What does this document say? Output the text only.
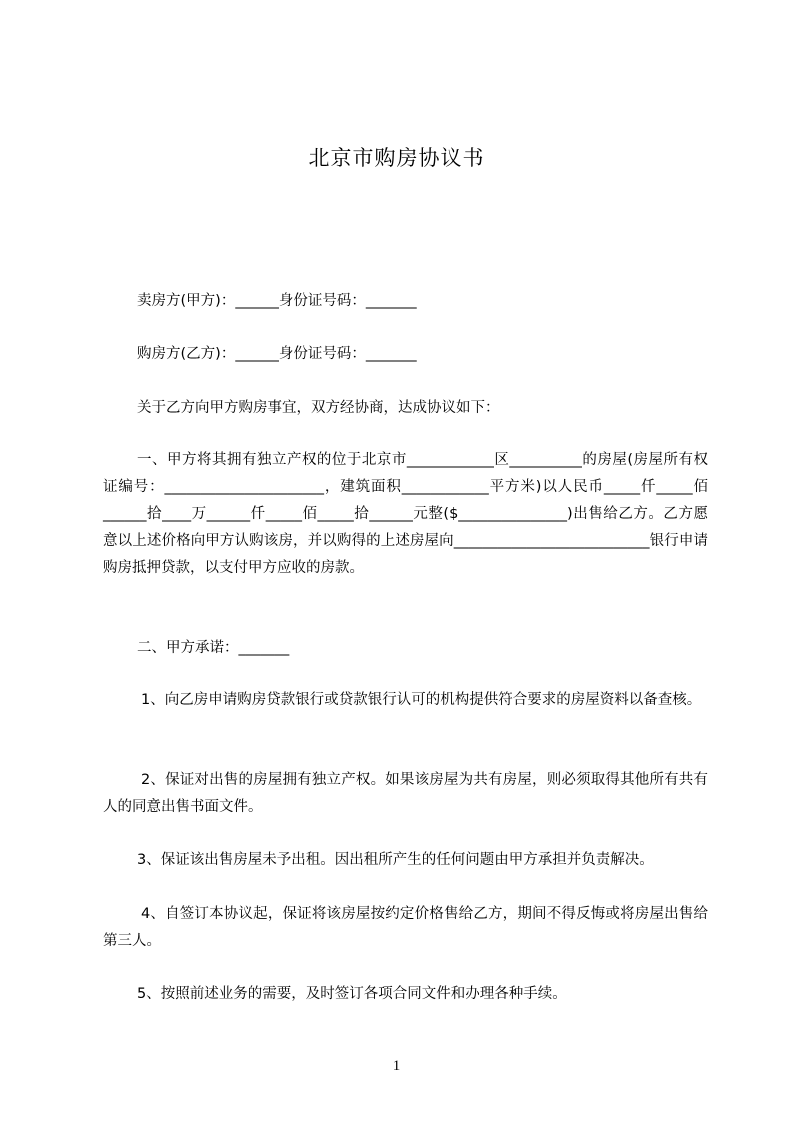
北京市购房协议书
卖房方(甲方)：______身份证号码：_______
购房方(乙方)：______身份证号码：_______
关于乙方向甲方购房事宜，双方经协商，达成协议如下：
一、甲方将其拥有独立产权的位于北京市____________区__________的房屋(房屋所有权证编号：______________________，建筑面积____________平方米)以人民币_____仟_____佰______拾____万______仟_____佰_____拾______元整($_______________)出售给乙方。乙方愿意以上述价格向甲方认购该房，并以购得的上述房屋向___________________________银行申请购房抵押贷款，以支付甲方应收的房款。
二、甲方承诺：_______
1、向乙房申请购房贷款银行或贷款银行认可的机构提供符合要求的房屋资料以备查核。
2、保证对出售的房屋拥有独立产权。如果该房屋为共有房屋，则必须取得其他所有共有人的同意出售书面文件。
3、保证该出售房屋未予出租。因出租所产生的任何问题由甲方承担并负责解决。
4、自签订本协议起，保证将该房屋按约定价格售给乙方，期间不得反悔或将房屋出售给第三人。
5、按照前述业务的需要，及时签订各项合同文件和办理各种手续。
1
